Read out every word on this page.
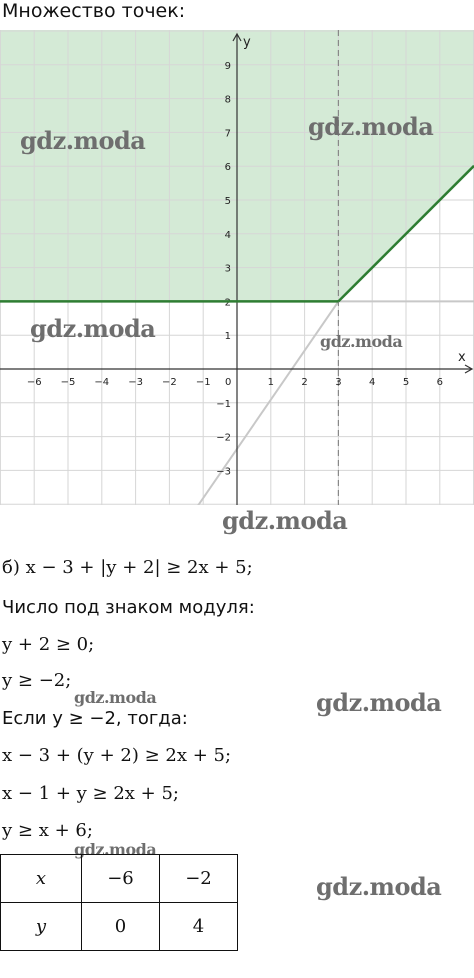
Множество точек:
x
y
−6 −5 −4 −3 −2 −1 0	1	2	3	4	5	6
9
8
7
6
5
4
3
2
1
−1
−2
−3
gdz.moda	gdz.moda
gdz.moda	gdz.moda
gdz.moda
б) x − 3 + |y + 2| ≥ 2x + 5;
Число под знаком модуля:
y + 2 ≥ 0;
y ≥ −2;
gdz.moda	gdz.moda
Если y ≥ −2, тогда:
x − 3 + (y + 2) ≥ 2x + 5;
x − 1 + y ≥ 2x + 5;
y ≥ x + 6;
gdz.moda
gdz.moda
x	−6	−2
y	0	4
